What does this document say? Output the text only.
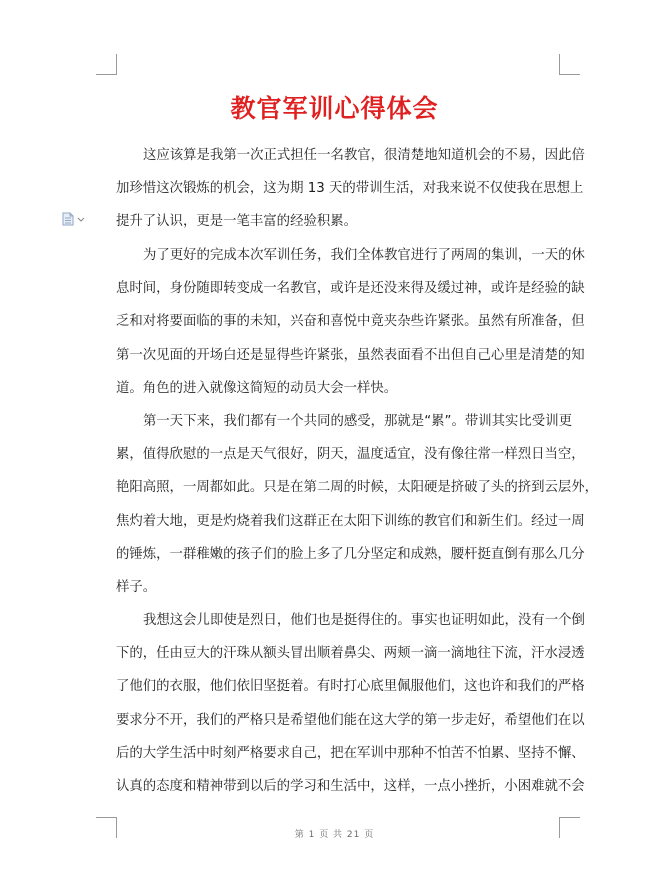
教官军训心得体会
这应该算是我第一次正式担任一名教官，很清楚地知道机会的不易，因此倍
加珍惜这次锻炼的机会，这为期 13 天的带训生活，对我来说不仅使我在思想上
提升了认识，更是一笔丰富的经验积累。
为了更好的完成本次军训任务，我们全体教官进行了两周的集训，一天的休
息时间，身份随即转变成一名教官，或许是还没来得及缓过神，或许是经验的缺
乏和对将要面临的事的未知，兴奋和喜悦中竟夹杂些许紧张。虽然有所准备，但
第一次见面的开场白还是显得些许紧张，虽然表面看不出但自己心里是清楚的知
道。角色的进入就像这简短的动员大会一样快。
第一天下来，我们都有一个共同的感受，那就是“累”。带训其实比受训更
累，值得欣慰的一点是天气很好，阴天，温度适宜，没有像往常一样烈日当空，
艳阳高照，一周都如此。只是在第二周的时候，太阳硬是挤破了头的挤到云层外，
焦灼着大地，更是灼烧着我们这群正在太阳下训练的教官们和新生们。经过一周
的锤炼，一群稚嫩的孩子们的脸上多了几分坚定和成熟，腰杆挺直倒有那么几分
样子。
我想这会儿即使是烈日，他们也是挺得住的。事实也证明如此，没有一个倒
下的，任由豆大的汗珠从额头冒出顺着鼻尖、两颊一滴一滴地往下流，汗水浸透
了他们的衣服，他们依旧坚挺着。有时打心底里佩服他们，这也许和我们的严格
要求分不开，我们的严格只是希望他们能在这大学的第一步走好，希望他们在以
后的大学生活中时刻严格要求自己，把在军训中那种不怕苦不怕累、坚持不懈、
认真的态度和精神带到以后的学习和生活中，这样，一点小挫折，小困难就不会
第 1 页 共 21 页
